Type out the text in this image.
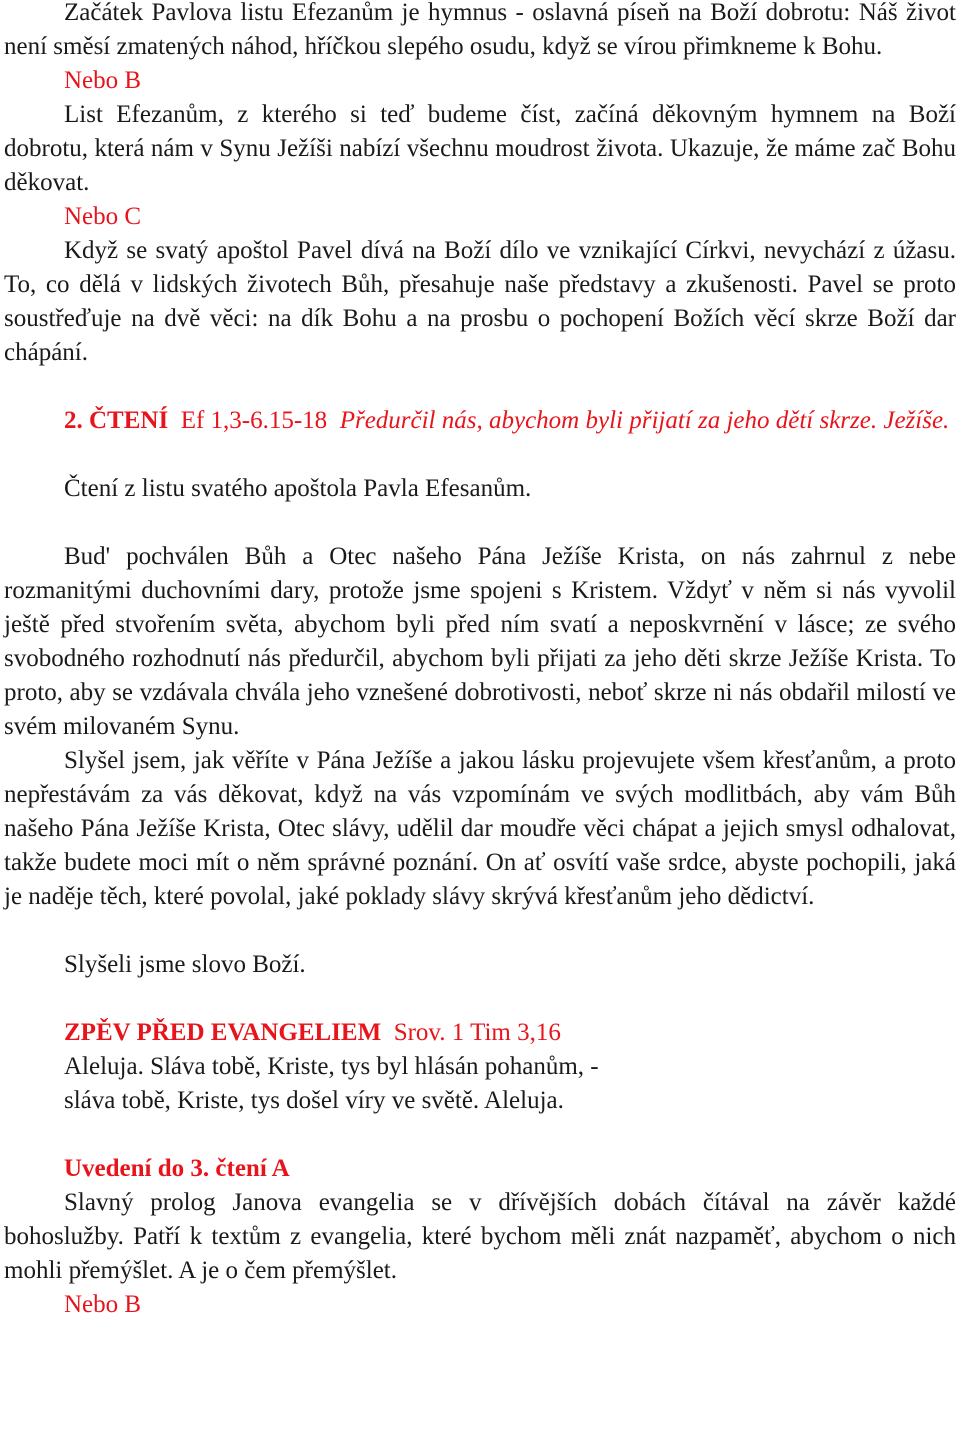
Začátek Pavlova listu Efezanům je hymnus - oslavná píseň na Boží dobrotu: Náš život není směsí zmatených náhod, hříčkou slepého osudu, když se vírou přimkneme k Bohu.

Nebo B

List Efezanům, z kterého si teď budeme číst, začíná děkovným hymnem na Boží dobrotu, která nám v Synu Ježíši nabízí všechnu moudrost života. Ukazuje, že máme zač Bohu děkovat.

Nebo C

Když se svatý apoštol Pavel dívá na Boží dílo ve vznikající Církvi, nevychází z úžasu. To, co dělá v lidských životech Bůh, přesahuje naše představy a zkušenosti. Pavel se proto soustřeďuje na dvě věci: na dík Bohu a na prosbu o pochopení Božích věcí skrze Boží dar chápání.

2. ČTENÍ Ef 1,3-6.15-18 Předurčil nás, abychom byli přijatí za jeho dětí skrze. Ježíše.

Čtení z listu svatého apoštola Pavla Efesanům.

Bud' pochválen Bůh a Otec našeho Pána Ježíše Krista, on nás zahrnul z nebe rozmanitými duchovními dary, protože jsme spojeni s Kristem. Vždyť v něm si nás vyvolil ještě před stvořením světa, abychom byli před ním svatí a neposkvrnění v lásce; ze svého svobodného rozhodnutí nás předurčil, abychom byli přijati za jeho děti skrze Ježíše Krista. To proto, aby se vzdávala chvála jeho vznešené dobrotivosti, neboť skrze ni nás obdařil milostí ve svém milovaném Synu.

Slyšel jsem, jak věříte v Pána Ježíše a jakou lásku projevujete všem křesťanům, a proto nepřestávám za vás děkovat, když na vás vzpomínám ve svých modlitbách, aby vám Bůh našeho Pána Ježíše Krista, Otec slávy, udělil dar moudře věci chápat a jejich smysl odhalovat, takže budete moci mít o něm správné poznání. On ať osvítí vaše srdce, abyste pochopili, jaká je naděje těch, které povolal, jaké poklady slávy skrývá křesťanům jeho dědictví.

Slyšeli jsme slovo Boží.

ZPĚV PŘED EVANGELIEM Srov. 1 Tim 3,16

Aleluja. Sláva tobě, Kriste, tys byl hlásán pohanům, -

sláva tobě, Kriste, tys došel víry ve světě. Aleluja.

Uvedení do 3. čtení A

Slavný prolog Janova evangelia se v dřívějších dobách čítával na závěr každé bohoslužby. Patří k textům z evangelia, které bychom měli znát nazpaměť, abychom o nich mohli přemýšlet. A je o čem přemýšlet.

Nebo B
